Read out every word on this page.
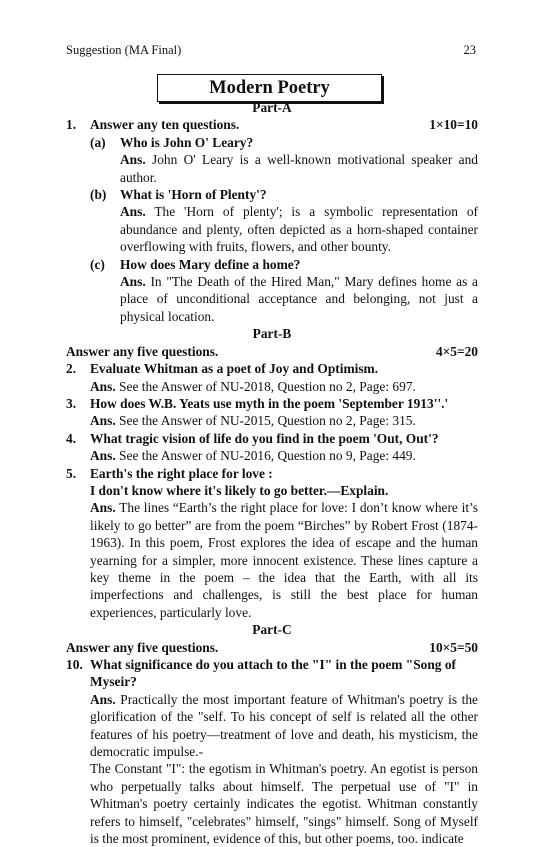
Suggestion (MA Final)	23
Modern Poetry
Part-A
1.	Answer any ten questions.	1×10=10
(a)	Who is John O' Leary?
Ans. John O' Leary is a well-known motivational speaker and author.
(b)	What is 'Horn of Plenty'?
Ans. The 'Horn of plenty'; is a symbolic representation of abundance and plenty, often depicted as a horn-shaped container overflowing with fruits, flowers, and other bounty.
(c)	How does Mary define a home?
Ans. In "The Death of the Hired Man," Mary defines home as a place of unconditional acceptance and belonging, not just a physical location.
Part-B
Answer any five questions.	4×5=20
2.	Evaluate Whitman as a poet of Joy and Optimism.
Ans. See the Answer of NU-2018, Question no 2, Page: 697.
3.	How does W.B. Yeats use myth in the poem 'September 1913''.'
Ans. See the Answer of NU-2015, Question no 2, Page: 315.
4.	What tragic vision of life do you find in the poem 'Out, Out'?
Ans. See the Answer of NU-2016, Question no 9, Page: 449.
5.	Earth's the right place for love :
I don't know where it's likely to go better.—Explain.
Ans. The lines “Earth’s the right place for love: I don’t know where it’s likely to go better” are from the poem “Birches” by Robert Frost (1874-1963). In this poem, Frost explores the idea of escape and the human yearning for a simpler, more innocent existence. These lines capture a key theme in the poem – the idea that the Earth, with all its imperfections and challenges, is still the best place for human experiences, particularly love.
Part-C
Answer any five questions.	10×5=50
10. What significance do you attach to the "I" in the poem "Song of Myseir?
Ans. Practically the most important feature of Whitman's poetry is the glorification of the "self. To his concept of self is related all the other features of his poetry—treatment of love and death, his mysticism, the democratic impulse.-
The Constant "I": the egotism in Whitman's poetry. An egotist is person who perpetually talks about himself. The perpetual use of "I" in Whitman's poetry certainly indicates the egotist. Whitman constantly refers to himself, "celebrates" himself, "sings" himself. Song of Myself is the most prominent, evidence of this, but other poems, too. indicate
